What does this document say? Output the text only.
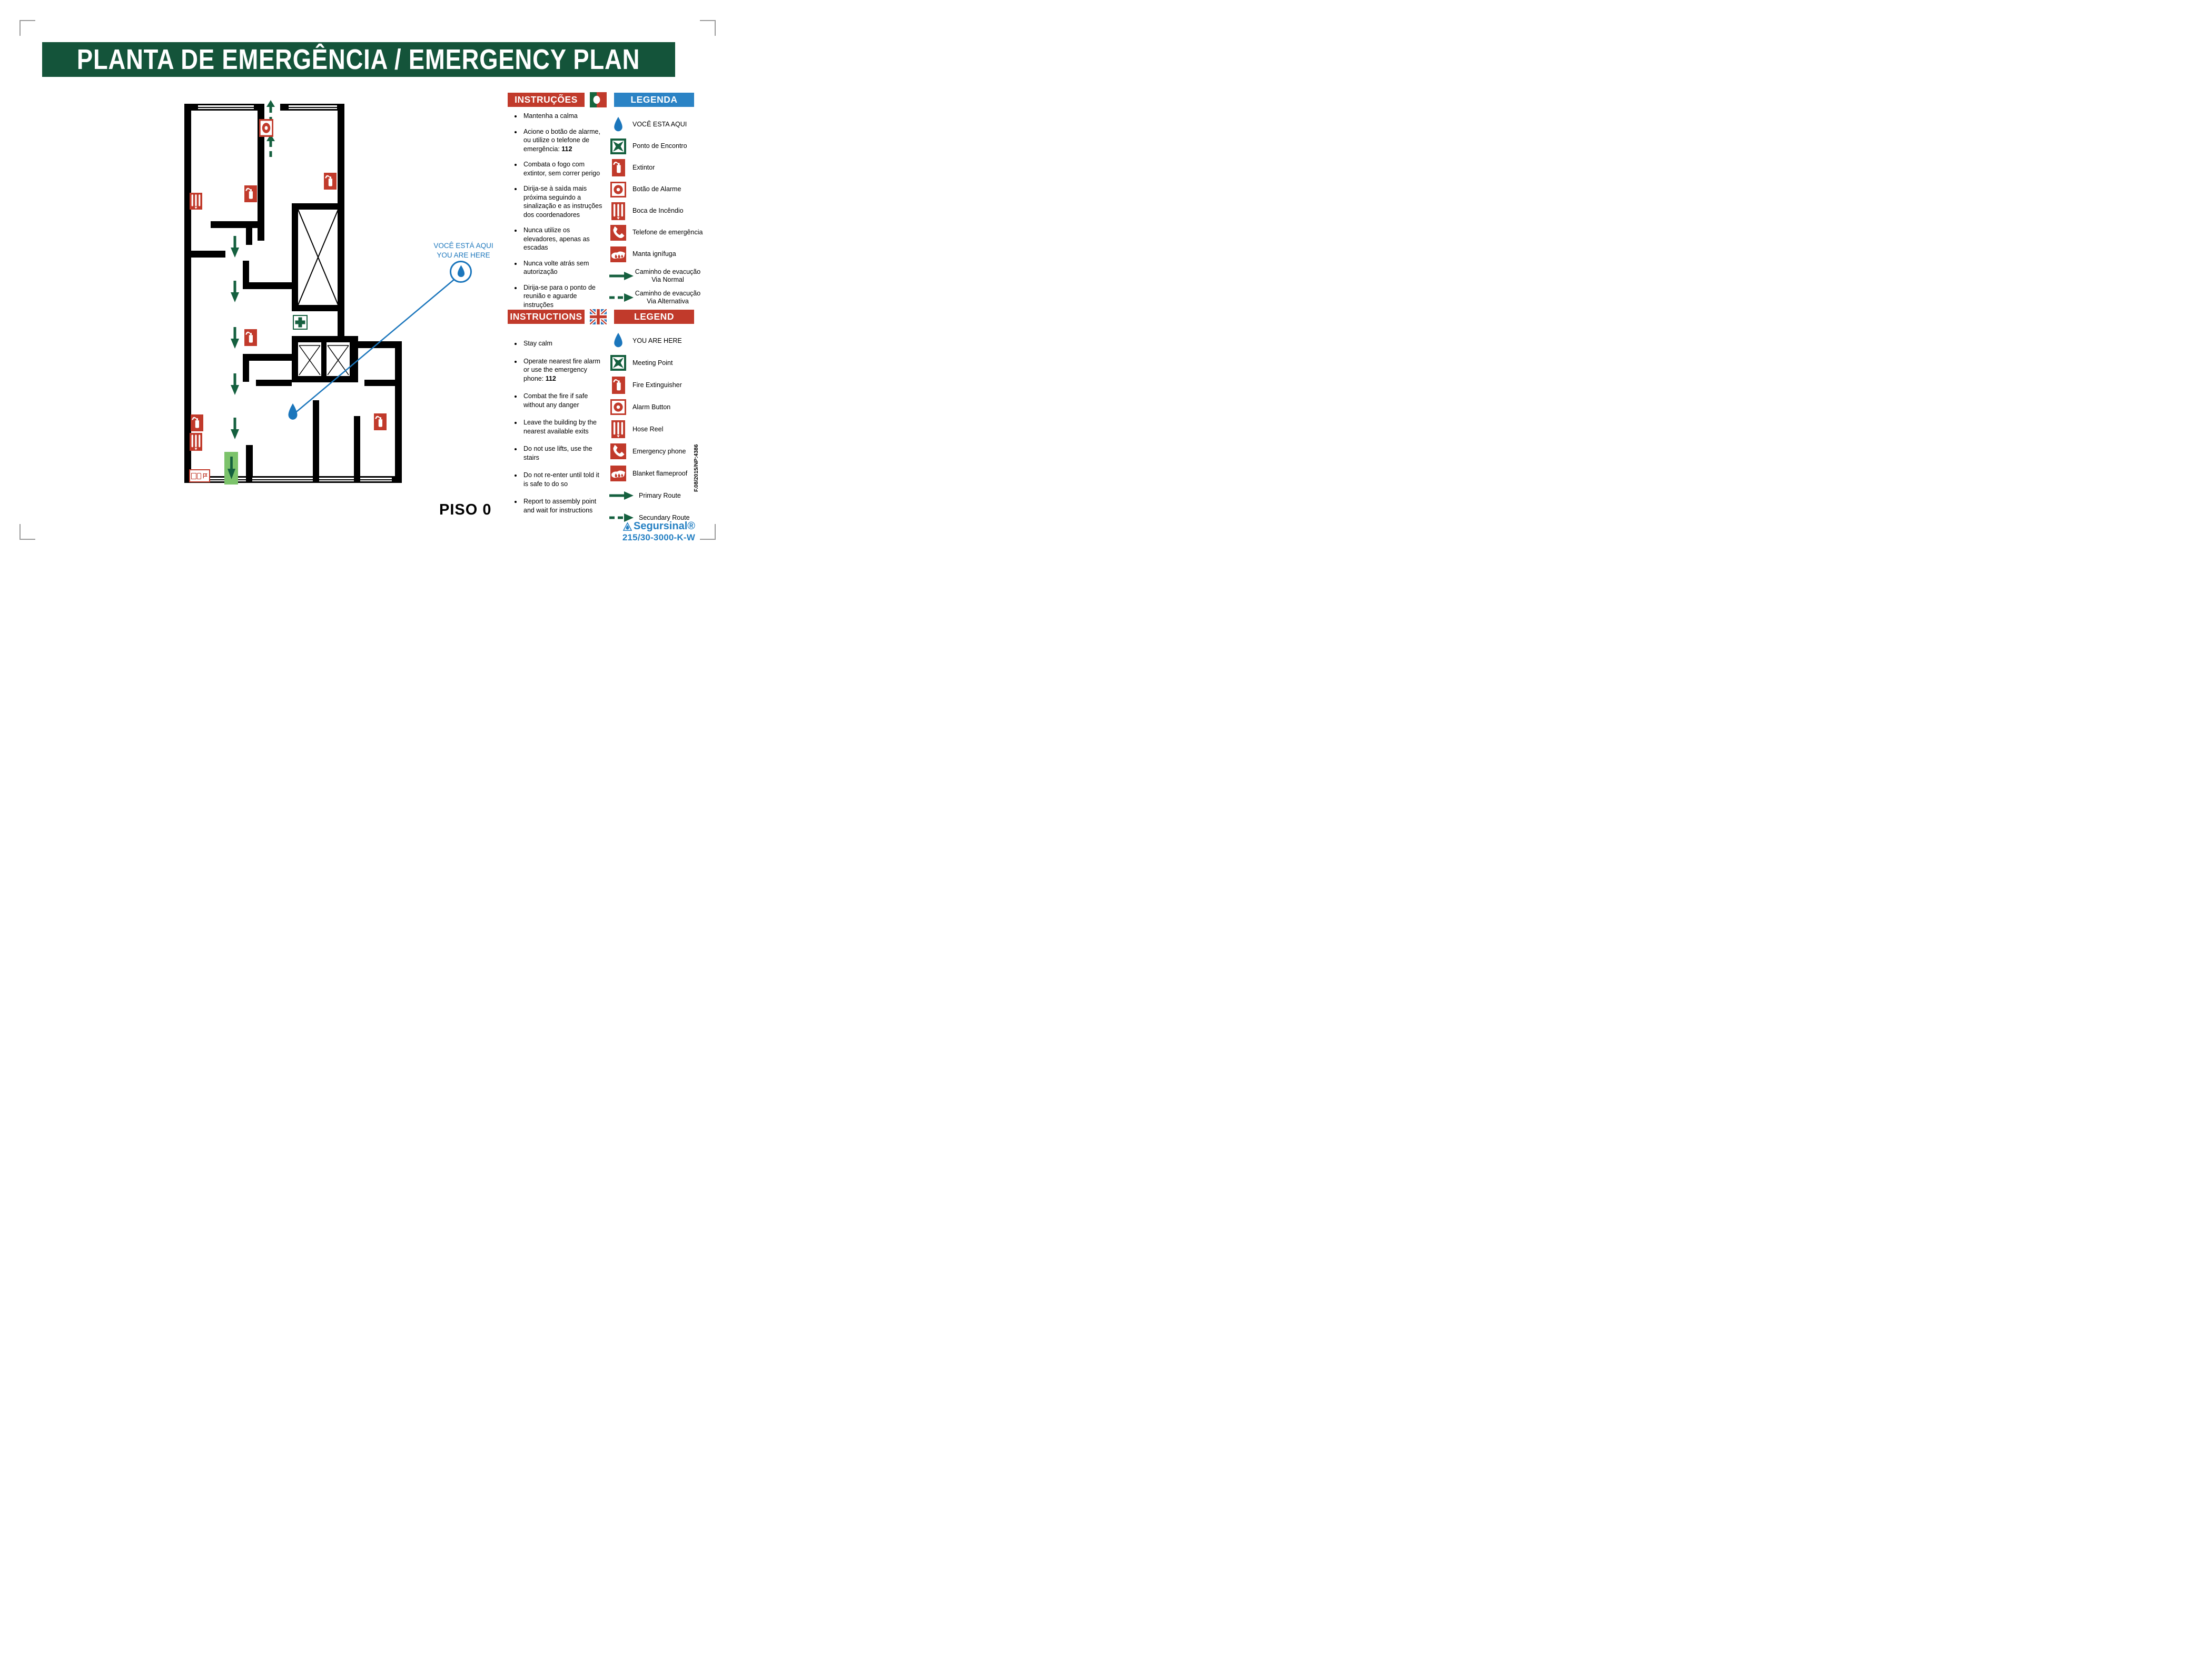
PLANTA DE EMERGÊNCIA / EMERGENCY PLAN
VOCÊ ESTÁ AQUI
YOU ARE HERE
PISO 0
INSTRUÇÕES	LEGENDA
• Mantenha a calma
• Acione o botão de alarme, ou utilize o telefone de emergência: 112
• Combata o fogo com extintor, sem correr perigo
• Dirija-se à saìda mais próxima seguindo a sinalização e as instruções dos coordenadores
• Nunca utilize os elevadores, apenas as escadas
• Nunca volte atrás sem autorização
• Dirija-se para o ponto de reunião e aguarde instruções
VOCÊ ESTA AQUI
Ponto de Encontro
Extintor
Botão de Alarme
Boca de Incêndio
Telefone de emergência
Manta ignífuga
Caminho de evacução
Via Normal
Caminho de evacução
Via Alternativa
INSTRUCTIONS	LEGEND
• Stay calm
• Operate nearest fire alarm or use the emergency phone: 112
• Combat the fire if safe without any danger
• Leave the building by the nearest available exits
• Do not use lifts, use the stairs
• Do not re-enter until told it is safe to do so
• Report to assembly point and wait for instructions
YOU ARE HERE
Meeting Point
Fire Extinguisher
Alarm Button
Hose Reel
Emergency phone
Blanket flameproof
Primary Route
Secundary Route
F.08/2015/NP:4386
Segursinal®
215/30-3000-K-W
